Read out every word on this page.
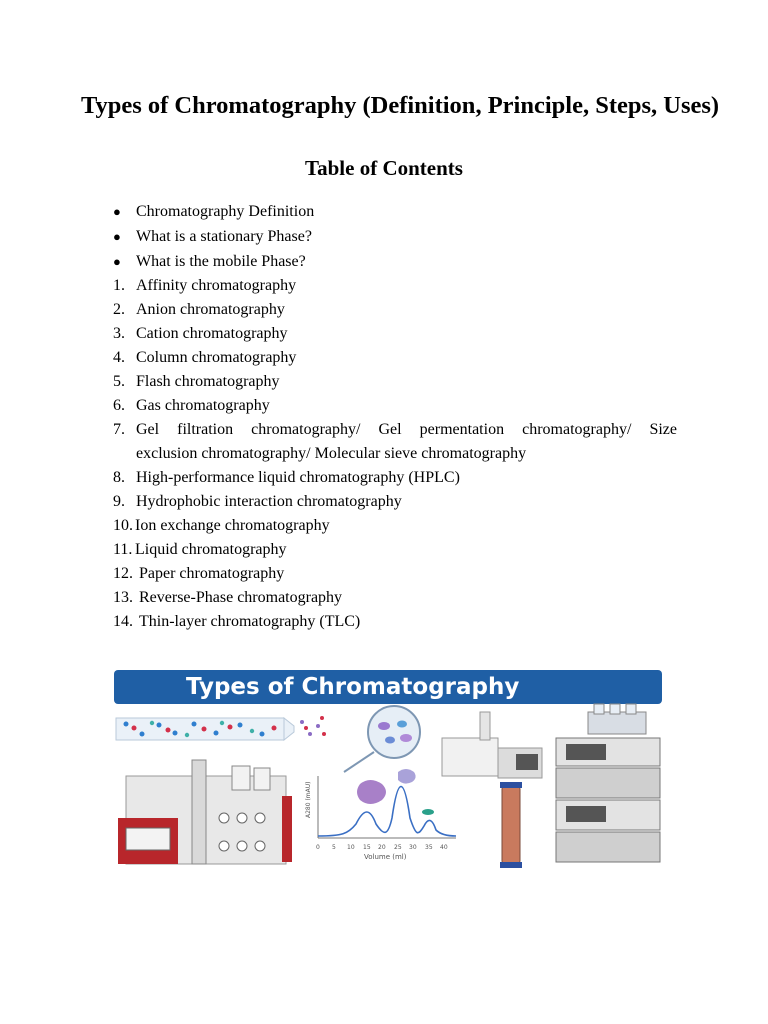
Types of Chromatography (Definition, Principle, Steps, Uses)
Table of Contents
● Chromatography Definition
● What is a stationary Phase?
● What is the mobile Phase?
1. Affinity chromatography
2. Anion chromatography
3. Cation chromatography
4. Column chromatography
5. Flash chromatography
6. Gas chromatography
7. Gel filtration chromatography/ Gel permentation chromatography/ Size
exclusion chromatography/ Molecular sieve chromatography
8. High-performance liquid chromatography (HPLC)
9. Hydrophobic interaction chromatography
10. Ion exchange chromatography
11. Liquid chromatography
12. Paper chromatography
13. Reverse-Phase chromatography
14. Thin-layer chromatography (TLC)
Types of Chromatography
A280 (mAU)
0 5 10 15 20 25 30 35 40
Volume (ml)
